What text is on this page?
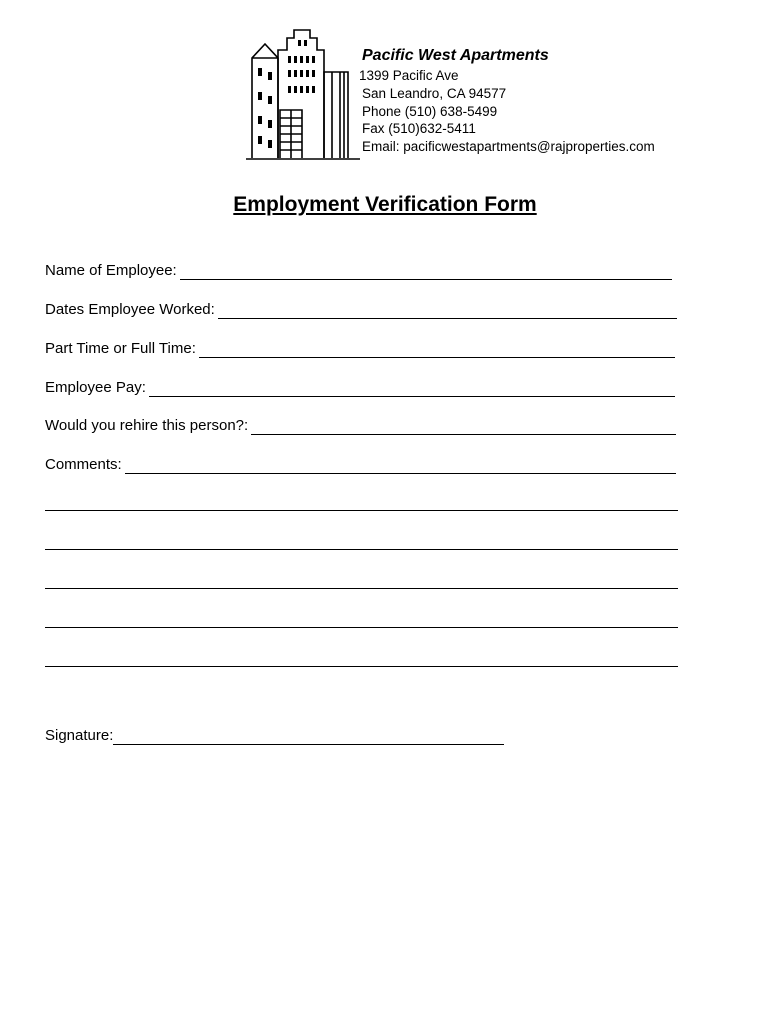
Pacific West Apartments
1399 Pacific Ave
San Leandro, CA 94577
Phone (510) 638-5499
Fax (510)632-5411
Email: pacificwestapartments@rajproperties.com
Employment Verification Form
Name of Employee:
Dates Employee Worked:
Part Time or Full Time:
Employee Pay:
Would you rehire this person?:
Comments:
Signature:
